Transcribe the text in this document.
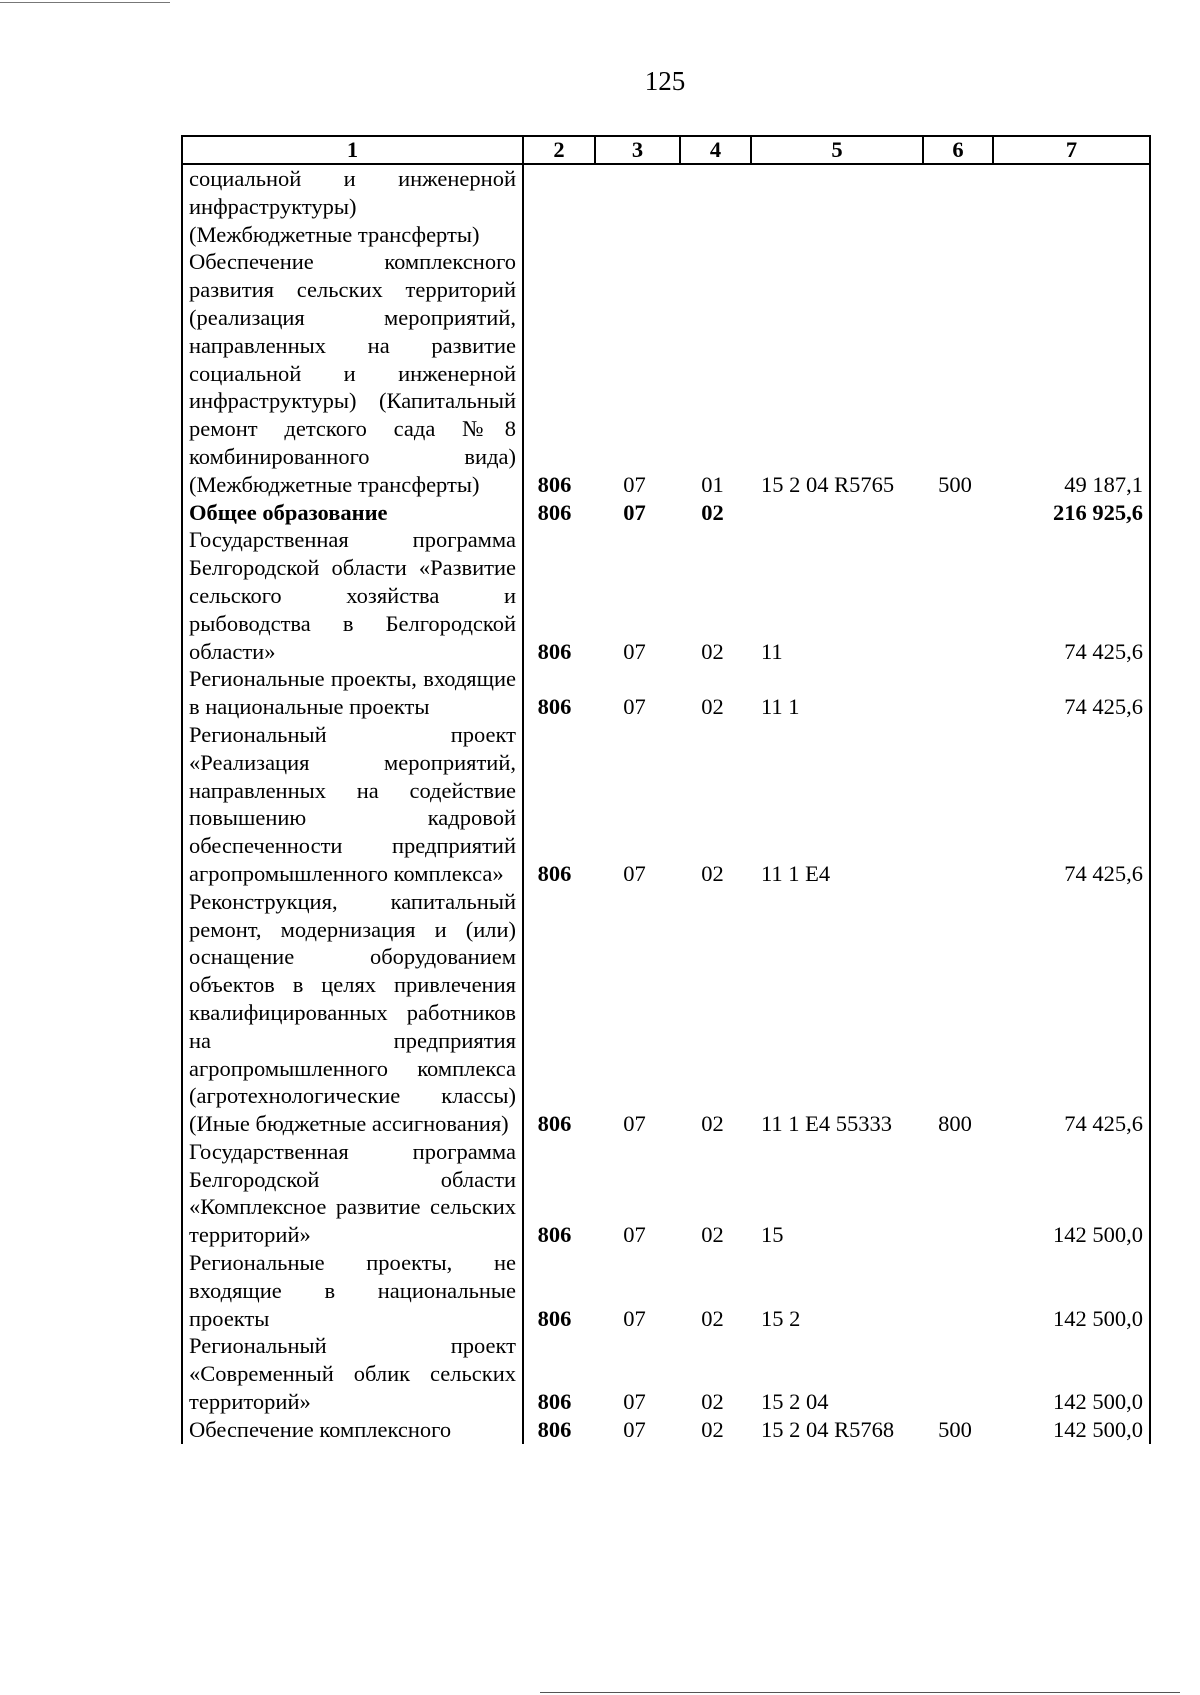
125
1	2	3	4	5	6	7
социальной и инженерной инфраструктуры) (Межбюджетные трансферты)						
Обеспечение комплексного развития сельских территорий (реализация мероприятий, направленных на развитие социальной и инженерной инфраструктуры) (Капитальный ремонт детского сада №8 комбинированного вида) (Межбюджетные трансферты)	806	07	01	15 2 04 R5765	500	49 187,1
Общее образование	806	07	02			216 925,6
Государственная программа Белгородской области «Развитие сельского хозяйства и рыбоводства в Белгородской области»	806	07	02	11		74 425,6
Региональные проекты, входящие в национальные проекты	806	07	02	11 1		74 425,6
Региональный проект «Реализация мероприятий, направленных на содействие повышению кадровой обеспеченности предприятий агропромышленного комплекса»	806	07	02	11 1 Е4		74 425,6
Реконструкция, капитальный ремонт, модернизация и (или) оснащение оборудованием объектов в целях привлечения квалифицированных работников на предприятия агропромышленного комплекса (агротехнологические классы) (Иные бюджетные ассигнования)	806	07	02	11 1 Е4 55333	800	74 425,6
Государственная программа Белгородской области «Комплексное развитие сельских территорий»	806	07	02	15		142 500,0
Региональные проекты, не входящие в национальные проекты	806	07	02	15 2		142 500,0
Региональный проект «Современный облик сельских территорий»	806	07	02	15 2 04		142 500,0
Обеспечение комплексного	806	07	02	15 2 04 R5768	500	142 500,0
